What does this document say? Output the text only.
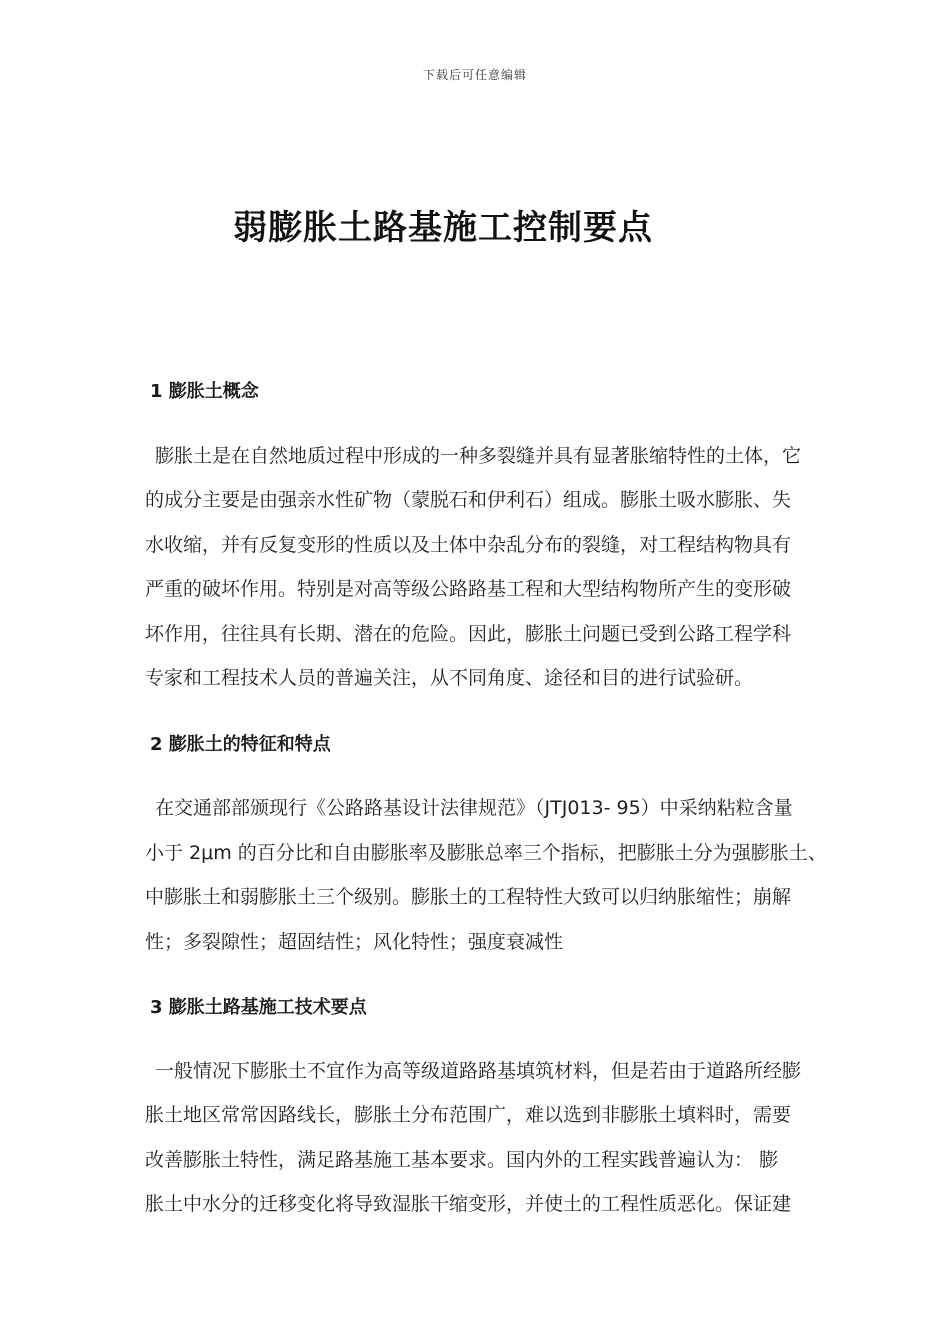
下载后可任意编辑
弱膨胀土路基施工控制要点
1 膨胀土概念
膨胀土是在自然地质过程中形成的一种多裂缝并具有显著胀缩特性的土体，它
的成分主要是由强亲水性矿物（蒙脱石和伊利石）组成。膨胀土吸水膨胀、失
水收缩，并有反复变形的性质以及土体中杂乱分布的裂缝，对工程结构物具有
严重的破坏作用。特别是对高等级公路路基工程和大型结构物所产生的变形破
坏作用，往往具有长期、潜在的危险。因此，膨胀土问题已受到公路工程学科
专家和工程技术人员的普遍关注，从不同角度、途径和目的进行试验研。
2 膨胀土的特征和特点
在交通部部颁现行《公路路基设计法律规范》（JTJ013- 95）中采纳粘粒含量
小于 2μm 的百分比和自由膨胀率及膨胀总率三个指标，把膨胀土分为强膨胀土、
中膨胀土和弱膨胀土三个级别。膨胀土的工程特性大致可以归纳胀缩性；崩解
性；多裂隙性；超固结性；风化特性；强度衰减性
3 膨胀土路基施工技术要点
一般情况下膨胀土不宜作为高等级道路路基填筑材料，但是若由于道路所经膨
胀土地区常常因路线长，膨胀土分布范围广，难以选到非膨胀土填料时，需要
改善膨胀土特性，满足路基施工基本要求。国内外的工程实践普遍认为： 膨
胀土中水分的迁移变化将导致湿胀干缩变形，并使土的工程性质恶化。保证建
